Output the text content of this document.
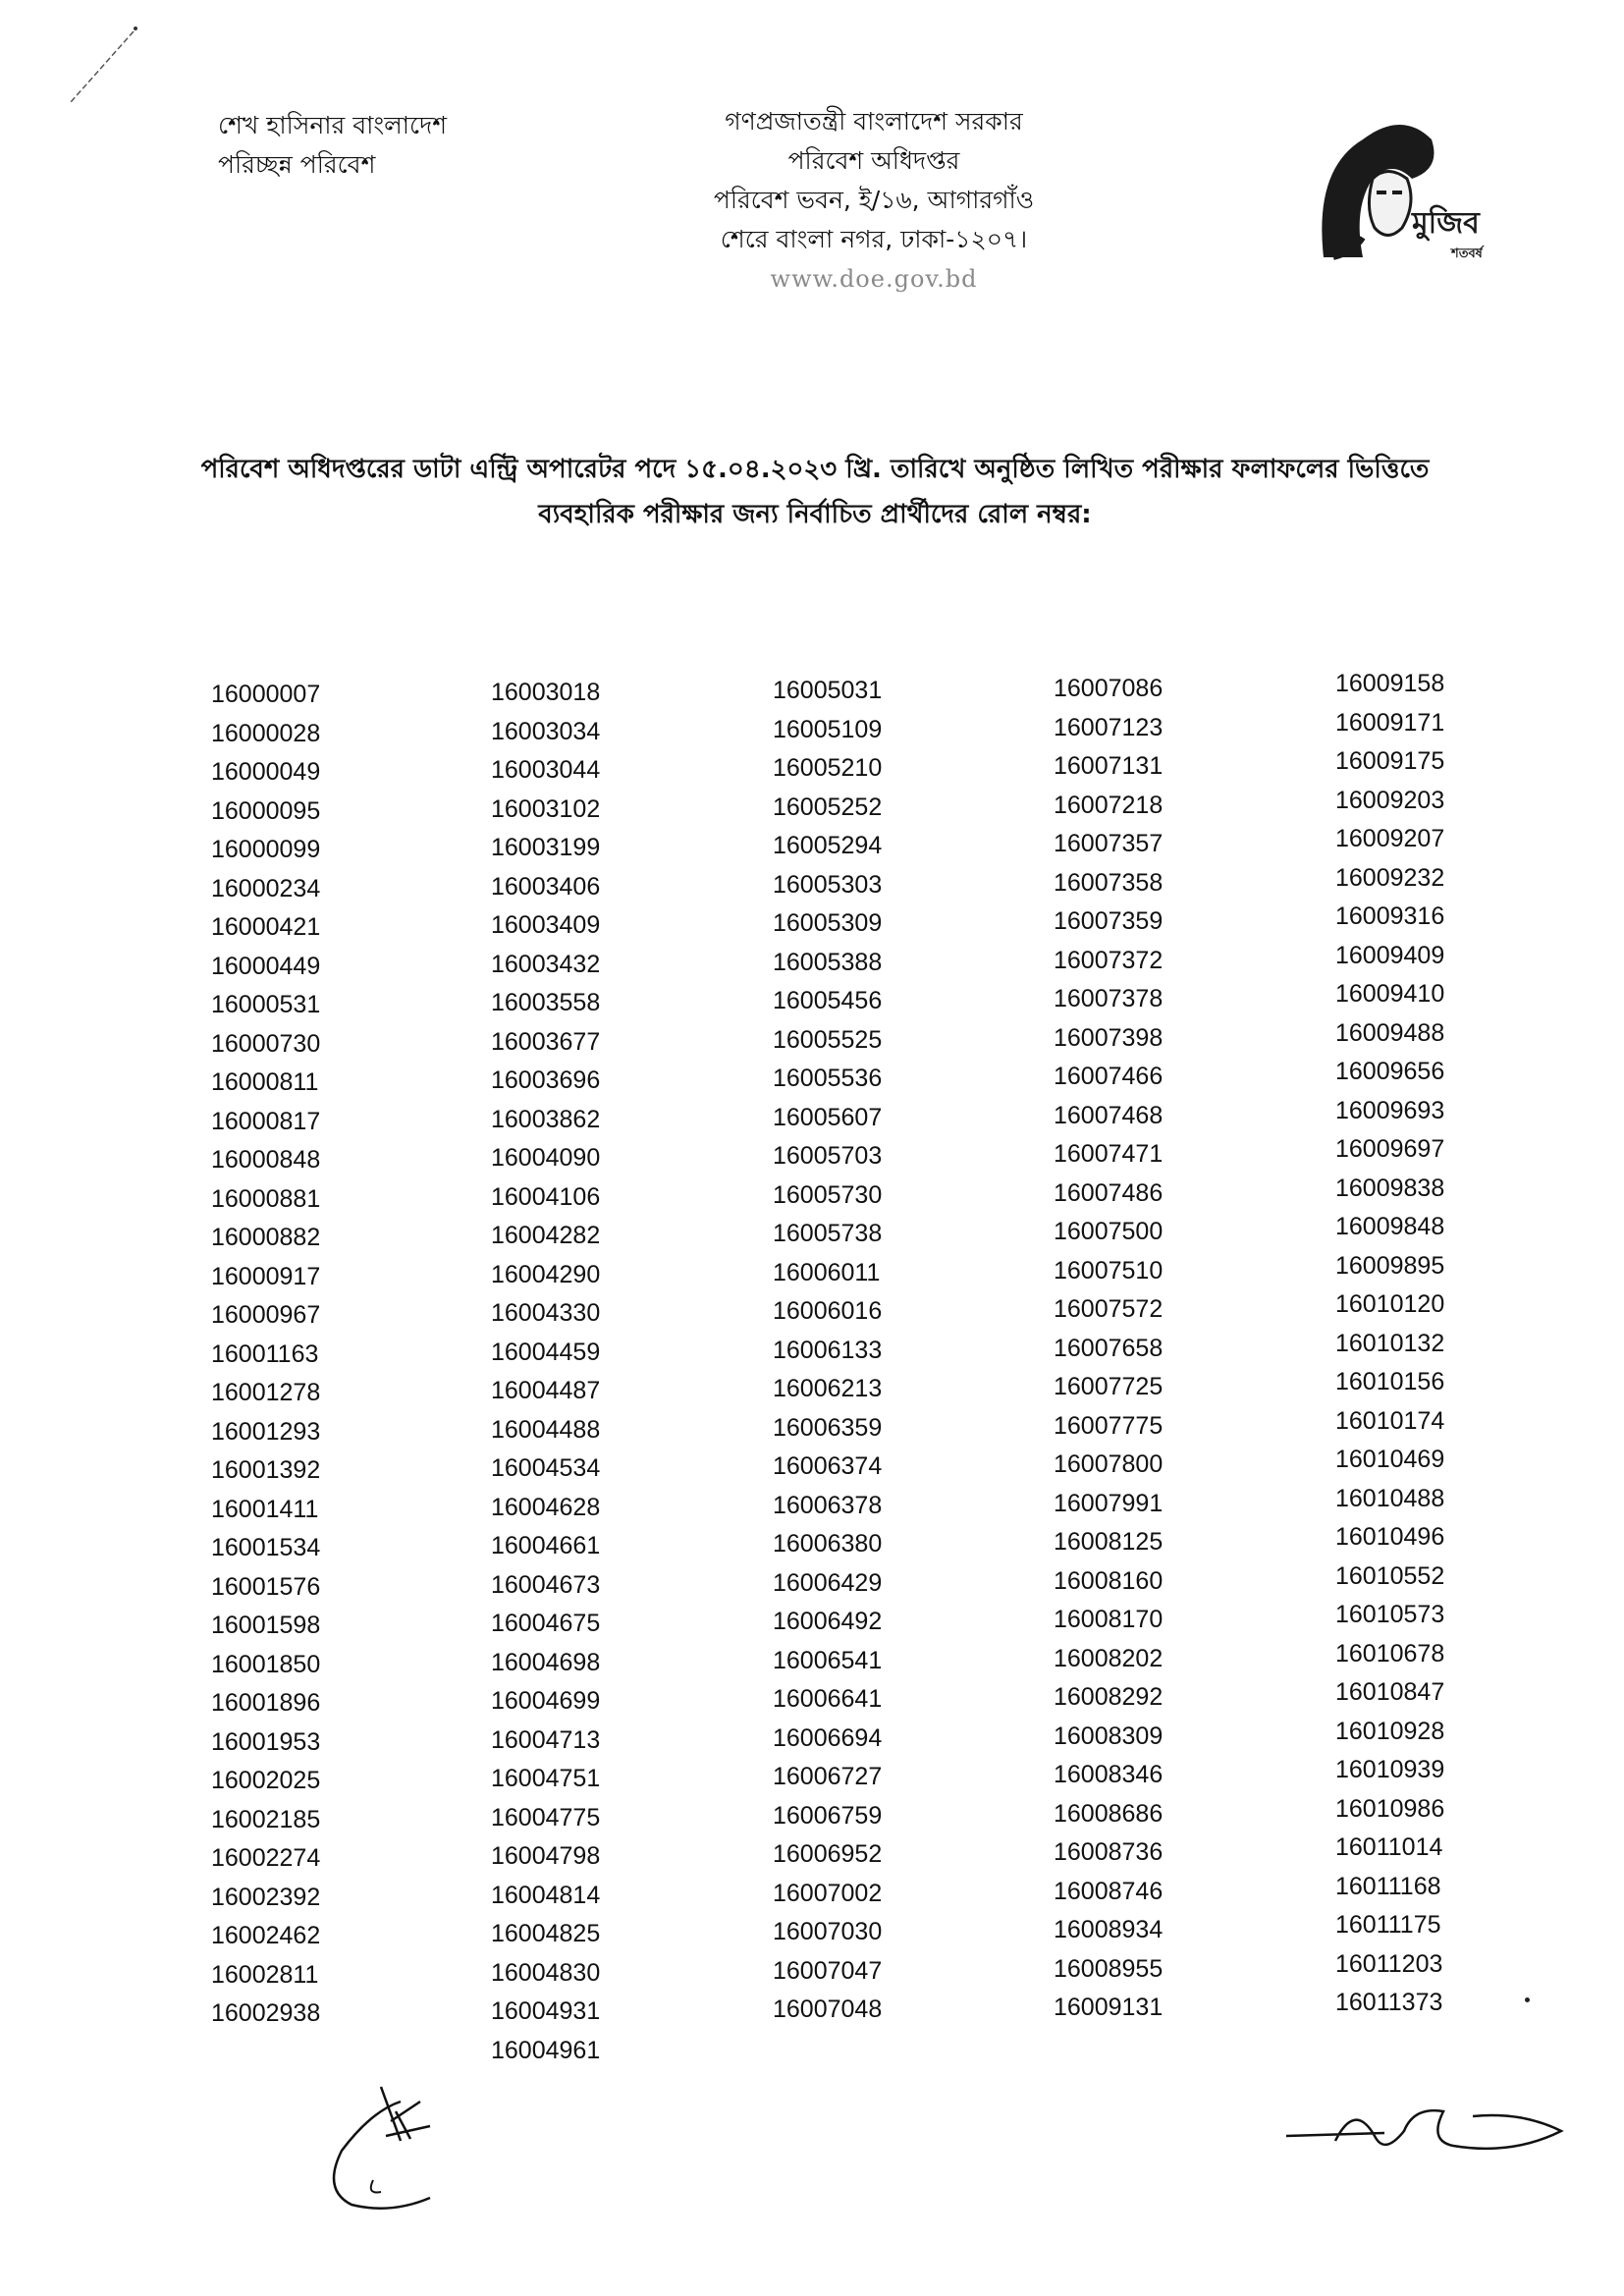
শেখ হাসিনার বাংলাদেশ
পরিচ্ছন্ন পরিবেশ
গণপ্রজাতন্ত্রী বাংলাদেশ সরকার
পরিবেশ অধিদপ্তর
পরিবেশ ভবন, ই/১৬, আগারগাঁও
শেরে বাংলা নগর, ঢাকা-১২০৭।
www.doe.gov.bd
মুজিব
শতবর্ষ
পরিবেশ অধিদপ্তরের ডাটা এন্ট্রি অপারেটর পদে ১৫.০৪.২০২৩ খ্রি. তারিখে অনুষ্ঠিত লিখিত পরীক্ষার ফলাফলের ভিত্তিতে
ব্যবহারিক পরীক্ষার জন্য নির্বাচিত প্রার্থীদের রোল নম্বর:
16000007
16000028
16000049
16000095
16000099
16000234
16000421
16000449
16000531
16000730
16000811
16000817
16000848
16000881
16000882
16000917
16000967
16001163
16001278
16001293
16001392
16001411
16001534
16001576
16001598
16001850
16001896
16001953
16002025
16002185
16002274
16002392
16002462
16002811
16002938
16003018
16003034
16003044
16003102
16003199
16003406
16003409
16003432
16003558
16003677
16003696
16003862
16004090
16004106
16004282
16004290
16004330
16004459
16004487
16004488
16004534
16004628
16004661
16004673
16004675
16004698
16004699
16004713
16004751
16004775
16004798
16004814
16004825
16004830
16004931
16004961
16005031
16005109
16005210
16005252
16005294
16005303
16005309
16005388
16005456
16005525
16005536
16005607
16005703
16005730
16005738
16006011
16006016
16006133
16006213
16006359
16006374
16006378
16006380
16006429
16006492
16006541
16006641
16006694
16006727
16006759
16006952
16007002
16007030
16007047
16007048
16007086
16007123
16007131
16007218
16007357
16007358
16007359
16007372
16007378
16007398
16007466
16007468
16007471
16007486
16007500
16007510
16007572
16007658
16007725
16007775
16007800
16007991
16008125
16008160
16008170
16008202
16008292
16008309
16008346
16008686
16008736
16008746
16008934
16008955
16009131
16009158
16009171
16009175
16009203
16009207
16009232
16009316
16009409
16009410
16009488
16009656
16009693
16009697
16009838
16009848
16009895
16010120
16010132
16010156
16010174
16010469
16010488
16010496
16010552
16010573
16010678
16010847
16010928
16010939
16010986
16011014
16011168
16011175
16011203
16011373
